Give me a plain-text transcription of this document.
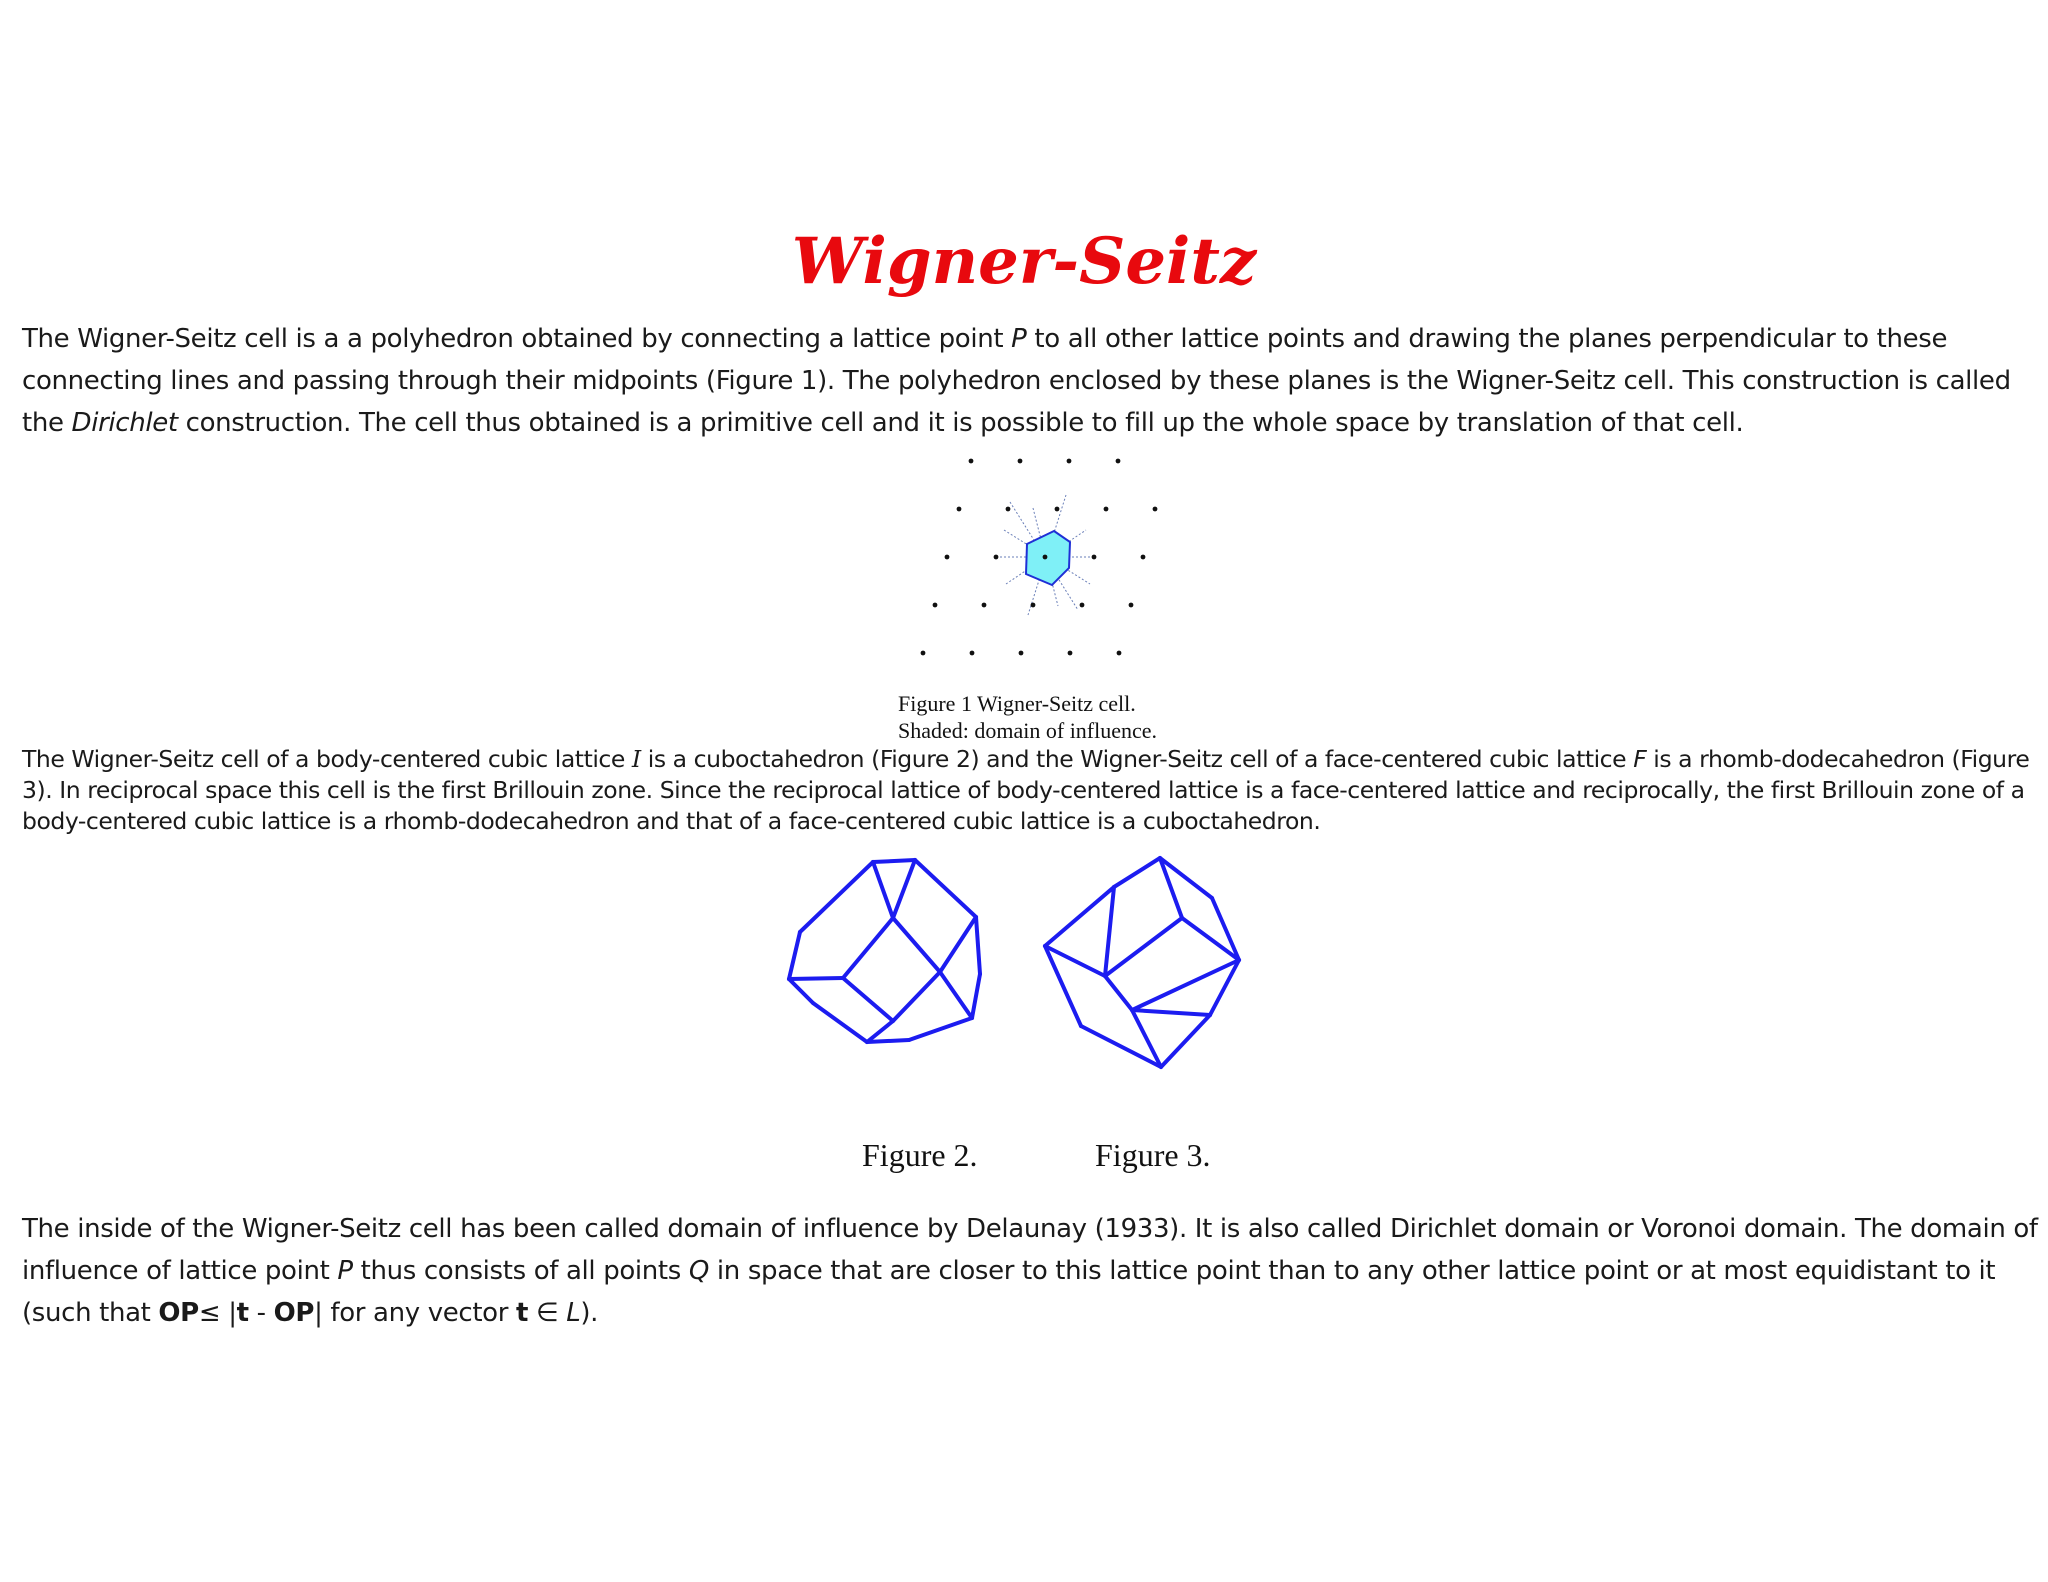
Wigner-Seitz

The Wigner-Seitz cell is a a polyhedron obtained by connecting a lattice point P to all other lattice points and drawing the planes perpendicular to these connecting lines and passing through their midpoints (Figure 1). The polyhedron enclosed by these planes is the Wigner-Seitz cell. This construction is called the Dirichlet construction. The cell thus obtained is a primitive cell and it is possible to fill up the whole space by translation of that cell.

Figure 1 Wigner-Seitz cell.
Shaded: domain of influence.

The Wigner-Seitz cell of a body-centered cubic lattice I is a cuboctahedron (Figure 2) and the Wigner-Seitz cell of a face-centered cubic lattice F is a rhomb-dodecahedron (Figure 3). In reciprocal space this cell is the first Brillouin zone. Since the reciprocal lattice of body-centered lattice is a face-centered lattice and reciprocally, the first Brillouin zone of a body-centered cubic lattice is a rhomb-dodecahedron and that of a face-centered cubic lattice is a cuboctahedron.

Figure 2.	Figure 3.

The inside of the Wigner-Seitz cell has been called domain of influence by Delaunay (1933). It is also called Dirichlet domain or Voronoi domain. The domain of influence of lattice point P thus consists of all points Q in space that are closer to this lattice point than to any other lattice point or at most equidistant to it (such that OP≤ |t - OP| for any vector t ∈ L).
